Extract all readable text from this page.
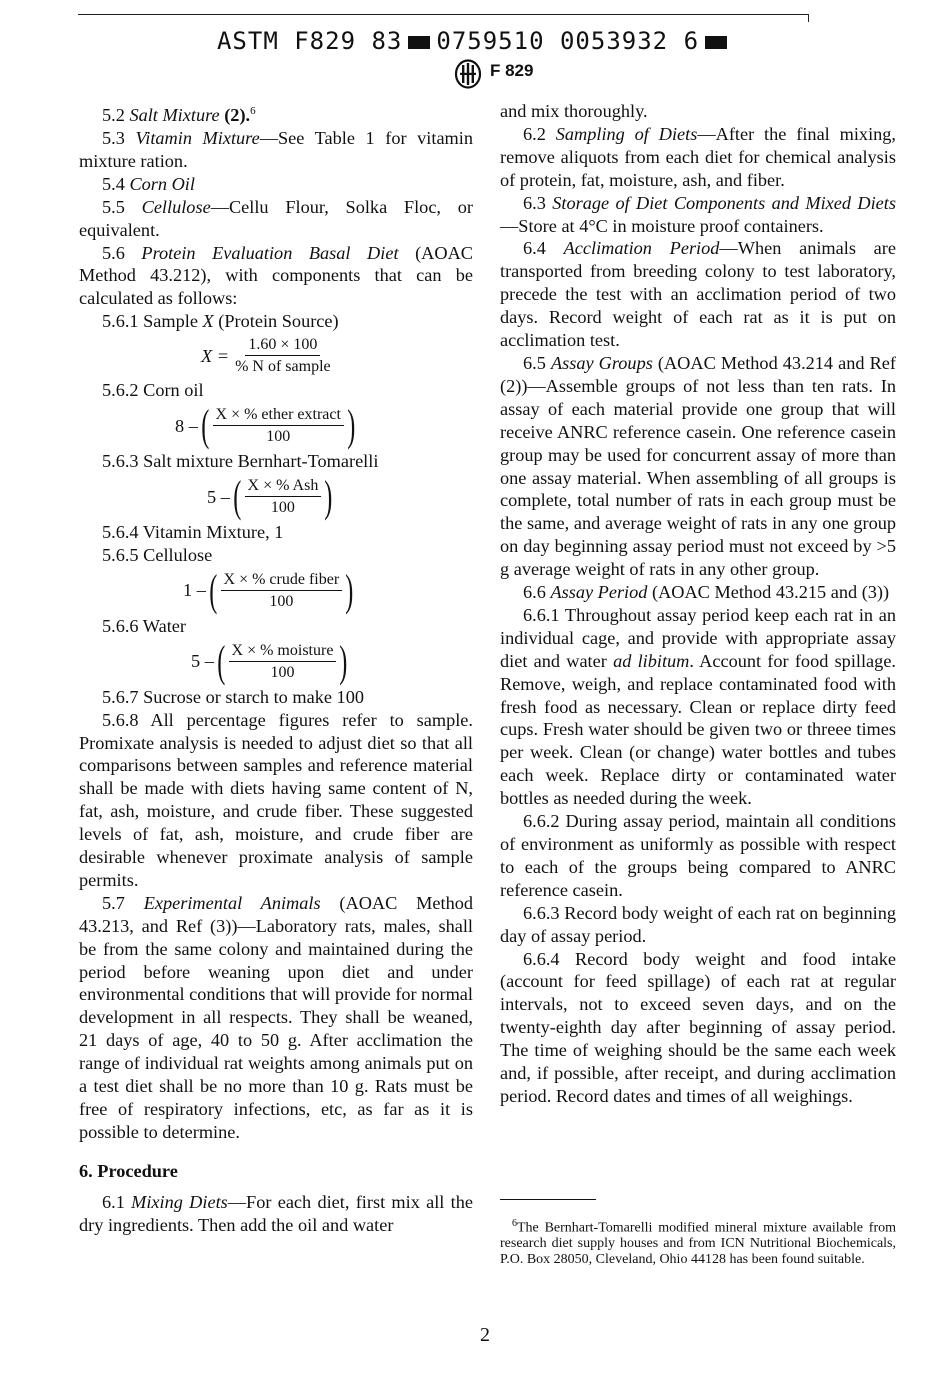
ASTM F829 83 0759510 0053932 6
F 829

5.2 Salt Mixture (2).$^6$

5.3 Vitamin Mixture—See Table 1 for vitamin mixture ration.

5.4 Corn Oil

5.5 Cellulose—Cellu Flour, Solka Floc, or equivalent.

5.6 Protein Evaluation Basal Diet (AOAC Method 43.212), with components that can be calculated as follows:

5.6.1 Sample X (Protein Source)

$X = \frac{1.60 \times 100}{\text{\% N of sample}}$

5.6.2 Corn oil

8 – ( $\frac{\text{X × \% ether extract}}{100}$ )

5.6.3 Salt mixture Bernhart-Tomarelli

5 – ( $\frac{\text{X × \% Ash}}{100}$ )

5.6.4 Vitamin Mixture, 1

5.6.5 Cellulose

1 – ( $\frac{\text{X × \% crude fiber}}{100}$ )

5.6.6 Water

5 – ( $\frac{\text{X × \% moisture}}{100}$ )

5.6.7 Sucrose or starch to make 100

5.6.8 All percentage figures refer to sample. Promixate analysis is needed to adjust diet so that all comparisons between samples and reference material shall be made with diets having same content of N, fat, ash, moisture, and crude fiber. These suggested levels of fat, ash, moisture, and crude fiber are desirable whenever proximate analysis of sample permits.

5.7 Experimental Animals (AOAC Method 43.213, and Ref (3))—Laboratory rats, males, shall be from the same colony and maintained during the period before weaning upon diet and under environmental conditions that will provide for normal development in all respects. They shall be weaned, 21 days of age, 40 to 50 g. After acclimation the range of individual rat weights among animals put on a test diet shall be no more than 10 g. Rats must be free of respiratory infections, etc, as far as it is possible to determine.

6. Procedure

6.1 Mixing Diets—For each diet, first mix all the dry ingredients. Then add the oil and water

and mix thoroughly.

6.2 Sampling of Diets—After the final mixing, remove aliquots from each diet for chemical analysis of protein, fat, moisture, ash, and fiber.

6.3 Storage of Diet Components and Mixed Diets—Store at 4°C in moisture proof containers.

6.4 Acclimation Period—When animals are transported from breeding colony to test laboratory, precede the test with an acclimation period of two days. Record weight of each rat as it is put on acclimation test.

6.5 Assay Groups (AOAC Method 43.214 and Ref (2))—Assemble groups of not less than ten rats. In assay of each material provide one group that will receive ANRC reference casein. One reference casein group may be used for concurrent assay of more than one assay material. When assembling of all groups is complete, total number of rats in each group must be the same, and average weight of rats in any one group on day beginning assay period must not exceed by >5 g average weight of rats in any other group.

6.6 Assay Period (AOAC Method 43.215 and (3))

6.6.1 Throughout assay period keep each rat in an individual cage, and provide with appropriate assay diet and water ad libitum. Account for food spillage. Remove, weigh, and replace contaminated food with fresh food as necessary. Clean or replace dirty feed cups. Fresh water should be given two or threee times per week. Clean (or change) water bottles and tubes each week. Replace dirty or contaminated water bottles as needed during the week.

6.6.2 During assay period, maintain all conditions of environment as uniformly as possible with respect to each of the groups being compared to ANRC reference casein.

6.6.3 Record body weight of each rat on beginning day of assay period.

6.6.4 Record body weight and food intake (account for feed spillage) of each rat at regular intervals, not to exceed seven days, and on the twenty-eighth day after beginning of assay period. The time of weighing should be the same each week and, if possible, after receipt, and during acclimation period. Record dates and times of all weighings.

$^6$The Bernhart-Tomarelli modified mineral mixture available from research diet supply houses and from ICN Nutritional Biochemicals, P.O. Box 28050, Cleveland, Ohio 44128 has been found suitable.
2
